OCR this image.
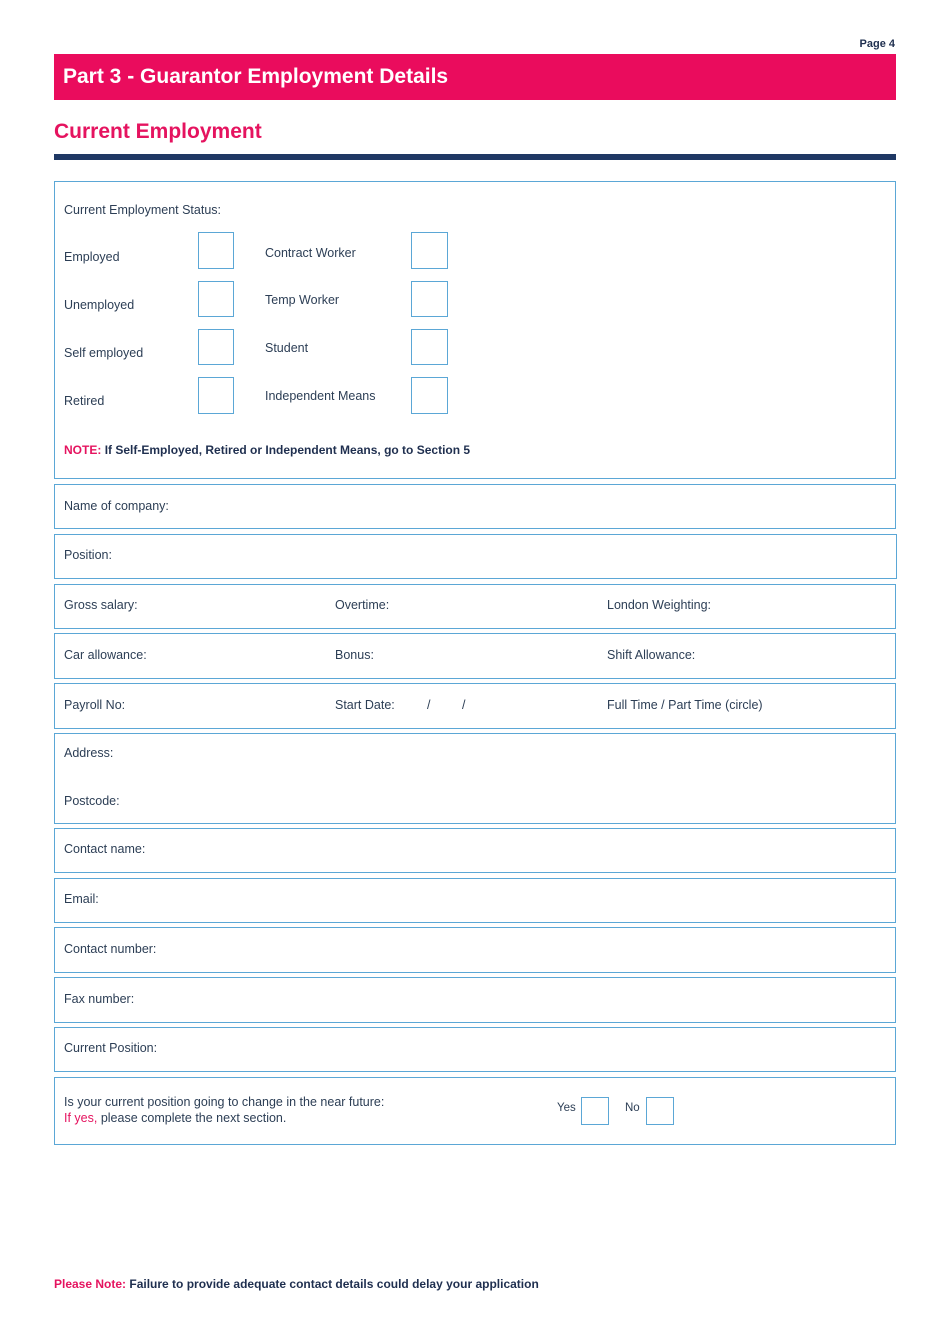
Page 4
Part 3 - Guarantor Employment Details
Current Employment
Current Employment Status:
Employed	Contract Worker
Unemployed	Temp Worker
Self employed	Student
Retired	Independent Means
NOTE: If Self-Employed, Retired or Independent Means, go to Section 5
Name of company:
Position:
Gross salary:	Overtime:	London Weighting:
Car allowance:	Bonus:	Shift Allowance:
Payroll No:	Start Date:	/	/	Full Time / Part Time (circle)
Address:
Postcode:
Contact name:
Email:
Contact number:
Fax number:
Current Position:
Is your current position going to change in the near future:
If yes, please complete the next section.
Yes	No
Please Note: Failure to provide adequate contact details could delay your application
